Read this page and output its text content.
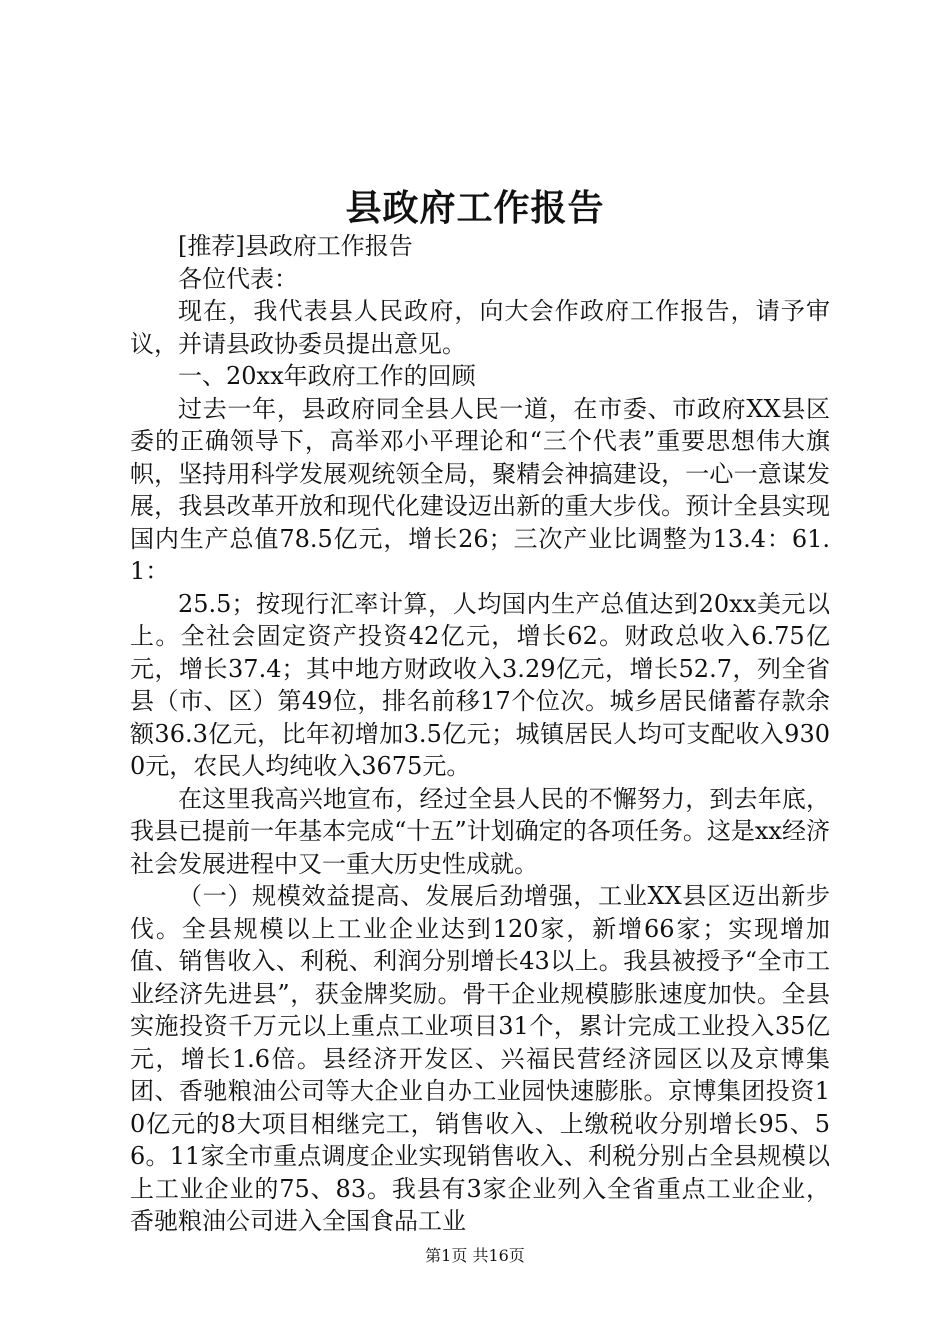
县政府工作报告

[推荐]县政府工作报告

各位代表：

现在，我代表县人民政府，向大会作政府工作报告，请予审议，并请县政协委员提出意见。

一、20xx年政府工作的回顾

过去一年，县政府同全县人民一道，在市委、市政府XX县区委的正确领导下，高举邓小平理论和“三个代表”重要思想伟大旗帜，坚持用科学发展观统领全局，聚精会神搞建设，一心一意谋发展，我县改革开放和现代化建设迈出新的重大步伐。预计全县实现国内生产总值78.5亿元，增长26；三次产业比调整为13.4：61.1：

25.5；按现行汇率计算，人均国内生产总值达到20xx美元以上。全社会固定资产投资42亿元，增长62。财政总收入6.75亿元，增长37.4；其中地方财政收入3.29亿元，增长52.7，列全省县（市、区）第49位，排名前移17个位次。城乡居民储蓄存款余额36.3亿元，比年初增加3.5亿元；城镇居民人均可支配收入9300元，农民人均纯收入3675元。

在这里我高兴地宣布，经过全县人民的不懈努力，到去年底，我县已提前一年基本完成“十五”计划确定的各项任务。这是xx经济社会发展进程中又一重大历史性成就。

（一）规模效益提高、发展后劲增强，工业XX县区迈出新步伐。全县规模以上工业企业达到120家，新增66家；实现增加值、销售收入、利税、利润分别增长43以上。我县被授予“全市工业经济先进县”，获金牌奖励。骨干企业规模膨胀速度加快。全县实施投资千万元以上重点工业项目31个，累计完成工业投入35亿元，增长1.6倍。县经济开发区、兴福民营经济园区以及京博集团、香驰粮油公司等大企业自办工业园快速膨胀。京博集团投资10亿元的8大项目相继完工，销售收入、上缴税收分别增长95、56。11家全市重点调度企业实现销售收入、利税分别占全县规模以上工业企业的75、83。我县有3家企业列入全省重点工业企业，香驰粮油公司进入全国食品工业

第1页 共16页
